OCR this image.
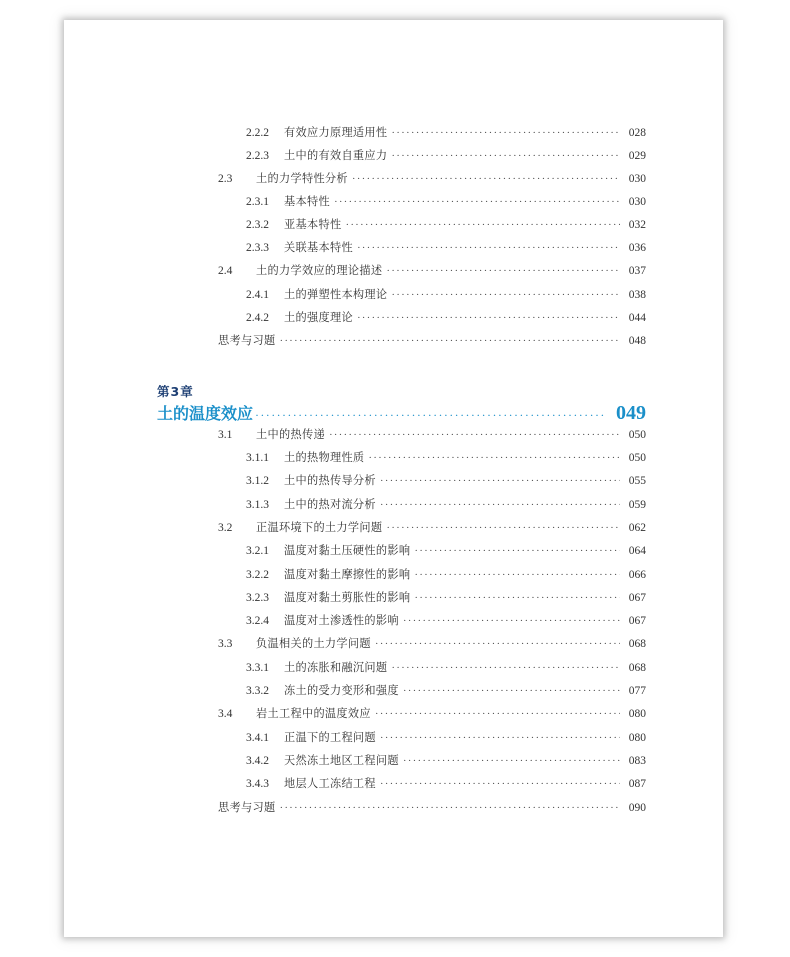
2.2.2	有效应力原理适用性 ·····	028
2.2.3	土中的有效自重应力 ·····	029
2.3	土的力学特性分析 ·····	030
2.3.1	基本特性 ·····	030
2.3.2	亚基本特性 ·····	032
2.3.3	关联基本特性 ·····	036
2.4	土的力学效应的理论描述 ·····	037
2.4.1	土的弹塑性本构理论 ·····	038
2.4.2	土的强度理论 ·····	044
思考与习题 ·····	048
第3章
土的温度效应 ·····	049
3.1	土中的热传递 ·····	050
3.1.1	土的热物理性质 ·····	050
3.1.2	土中的热传导分析 ·····	055
3.1.3	土中的热对流分析 ·····	059
3.2	正温环境下的土力学问题 ·····	062
3.2.1	温度对黏土压硬性的影响 ·····	064
3.2.2	温度对黏土摩擦性的影响 ·····	066
3.2.3	温度对黏土剪胀性的影响 ·····	067
3.2.4	温度对土渗透性的影响 ·····	067
3.3	负温相关的土力学问题 ·····	068
3.3.1	土的冻胀和融沉问题 ·····	068
3.3.2	冻土的受力变形和强度 ·····	077
3.4	岩土工程中的温度效应 ·····	080
3.4.1	正温下的工程问题 ·····	080
3.4.2	天然冻土地区工程问题 ·····	083
3.4.3	地层人工冻结工程 ·····	087
思考与习题 ·····	090
